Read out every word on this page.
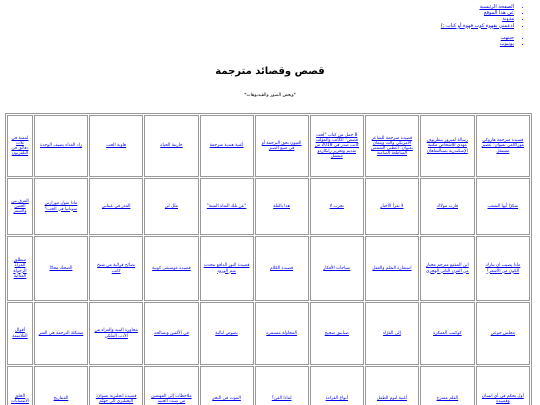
• الصفحة الرئيسية
• عن هذا الموقع
• مدونة
• ادعمني بقهوة كوب قهوة أو كتاب ;)
• جيتهب
• يوتيوب
قصص وقصائد مترجمة
*وبعض الصور والفيديوهات*
قصيدة مترجمة هاروكي موراكامي بعنوان: عصير مستقل	رسالة لمبروز بيطربوف مهدي للأشخاص مكتبة الإسكندرية بمبنالشاهان	قصيدة مترجمة للشاعر الأمريكي والت ويتمان بعنوان: أعطني الشمس الساطعة الصامتة	8 جمل من كتاب "لحت قصص" الكاتب والمؤلف كاتب صدر في 2018 من تقديم وتحرير رايكاردو ميتشل	العيون بحق الترجمة أو في منبع الصبر	أغنية هندية مترجمة	حارتنة الحياة	هاوية الحب	زاد الغذاء يصيف الوحدة	لمسة في ثلاث دقائق في التلفزيون
شكرًا أيها الشعب	قارب مولاك	لا تقرأ الأخبار	نجرب لا	هذا يالقلة	"عن تلك الفتاة الميتة"	ملل لي	العذر في عبثاني	ماذا تقول موزارتي سوناتيا في الحب؟	الفرق بين الحنين والسفر
ماذا يصيب ان تبارك الكون من الأشعر؟	ابن المقفع مترجم مختار من القرن الثاني الهجري	استمارة التعلم والعقل	سياحات الأفكار	قصيدة الكلام	قصيدة النور الدافع تتحدث شم الورود	قصيدة موسيقى كونية	نصائح قرائية من شيخ كاتب	الضحك مجانًا	منطلق المرأة الرجولة المثالية
مجلس جوعي	كوكبنب العمكرة	إلى القرّاء	صنابيق صحيح	المحاولة مستمرة	نصوص ليالية	في الألفين ونصالحه	محاورة البنيه والعزاء من الأدب الملكي	مشكلة الترجمة هي الشر	أقوال القلاسفة
أول يحكم في أي انسان وقصيدة	الفلم مسرح	أغنية لنوم الطفل	أنواع القراءة	لماذا الفن؟	الموت في البحر	ملاحظات إلى المهتمين من سبت الجنيه	قصيدة انجليزية بعنوان: البخيليزي الى جهنّم	الفنتاريخ	الخلق الانتسابات
